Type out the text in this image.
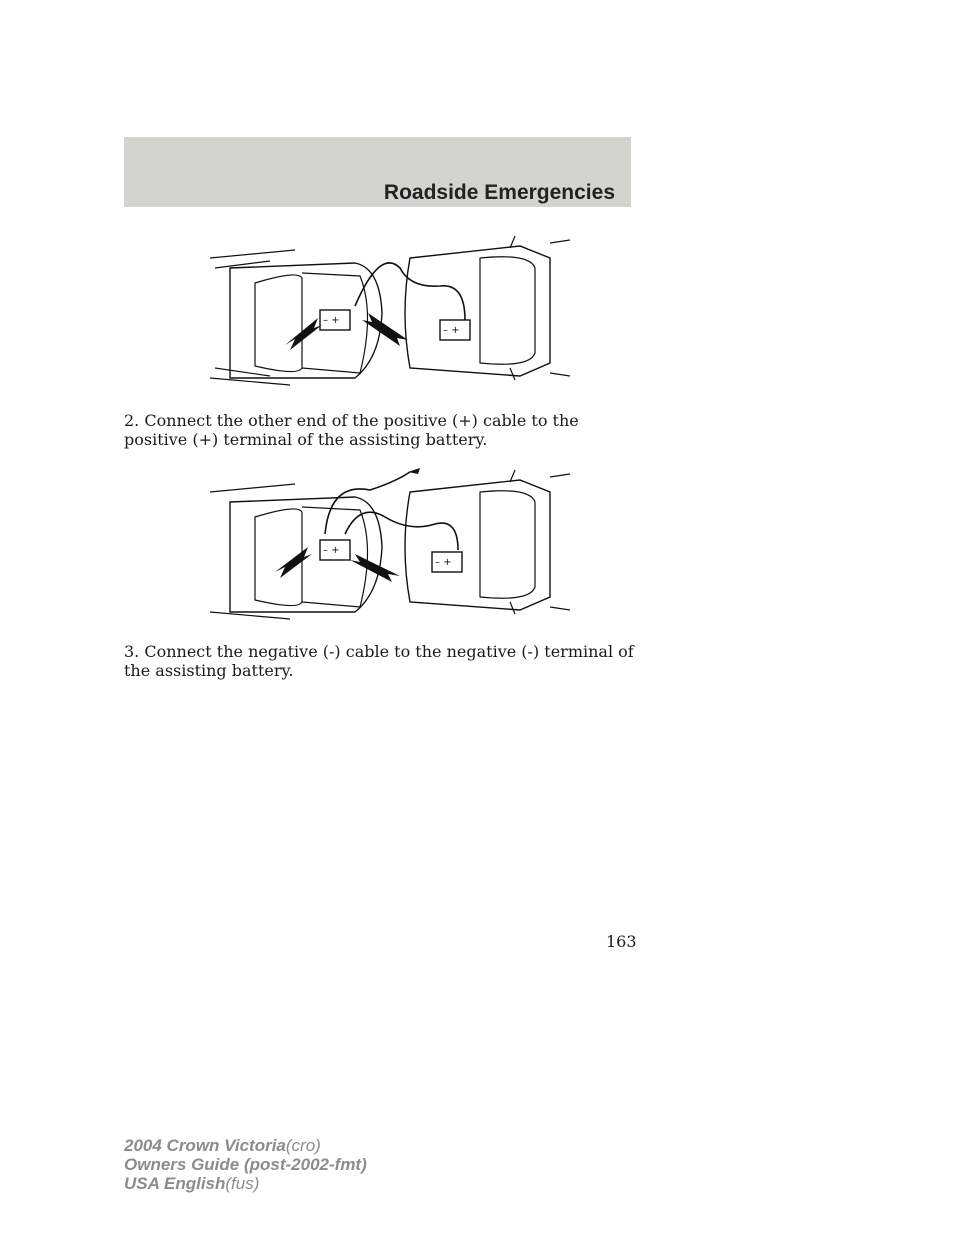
Roadside Emergencies
– +
– +
2. Connect the other end of the positive (+) cable to the positive (+) terminal of the assisting battery.
– +
– +
3. Connect the negative (-) cable to the negative (-) terminal of the assisting battery.
163
2004 Crown Victoria(cro)
Owners Guide (post-2002-fmt)
USA English(fus)
